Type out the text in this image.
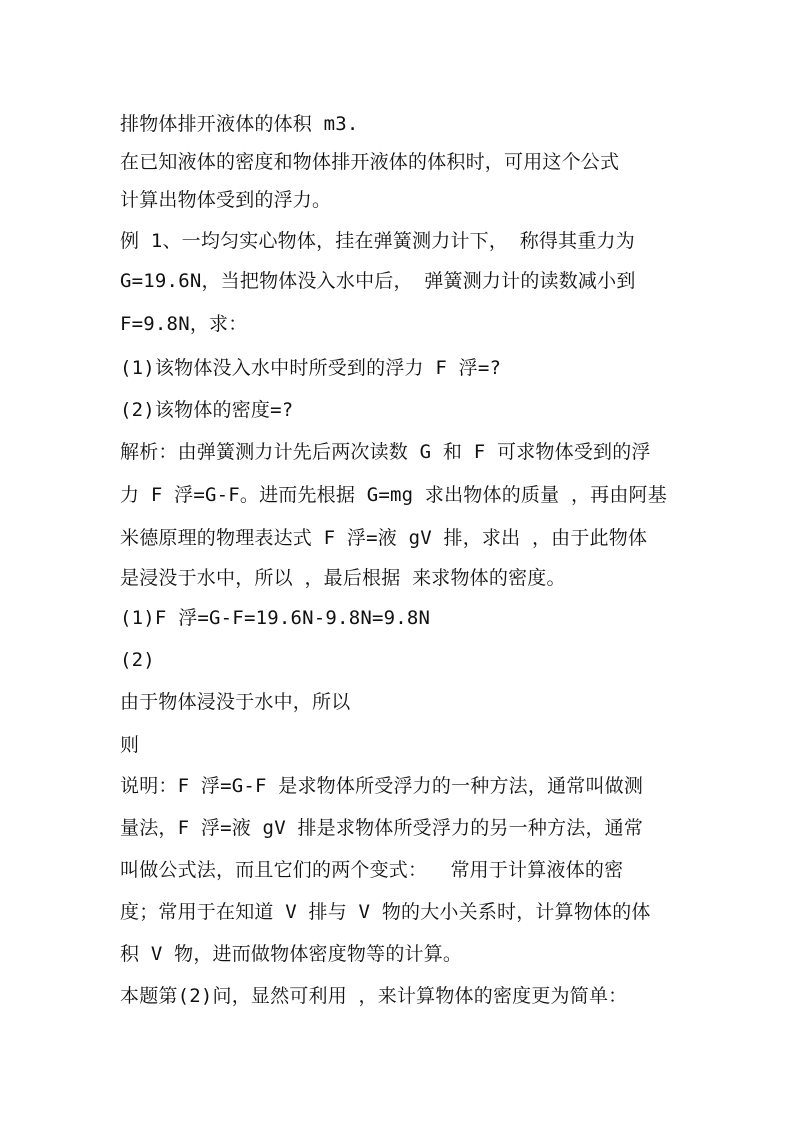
排物体排开液体的体积 m3.
在已知液体的密度和物体排开液体的体积时，可用这个公式
计算出物体受到的浮力。
例 1、一均匀实心物体，挂在弹簧测力计下， 称得其重力为
G=19.6N，当把物体没入水中后， 弹簧测力计的读数减小到
F=9.8N，求：
(1)该物体没入水中时所受到的浮力 F 浮=?
(2)该物体的密度=?
解析：由弹簧测力计先后两次读数 G 和 F 可求物体受到的浮
力 F 浮=G-F。进而先根据 G=mg 求出物体的质量 ，再由阿基
米德原理的物理表达式 F 浮=液 gV 排，求出 ，由于此物体
是浸没于水中，所以 ，最后根据 来求物体的密度。
(1)F 浮=G-F=19.6N-9.8N=9.8N
(2)
由于物体浸没于水中，所以
则
说明：F 浮=G-F 是求物体所受浮力的一种方法，通常叫做测
量法，F 浮=液 gV 排是求物体所受浮力的另一种方法，通常
叫做公式法，而且它们的两个变式：  常用于计算液体的密
度；常用于在知道 V 排与 V 物的大小关系时，计算物体的体
积 V 物，进而做物体密度物等的计算。
本题第(2)问，显然可利用 ，来计算物体的密度更为简单：
